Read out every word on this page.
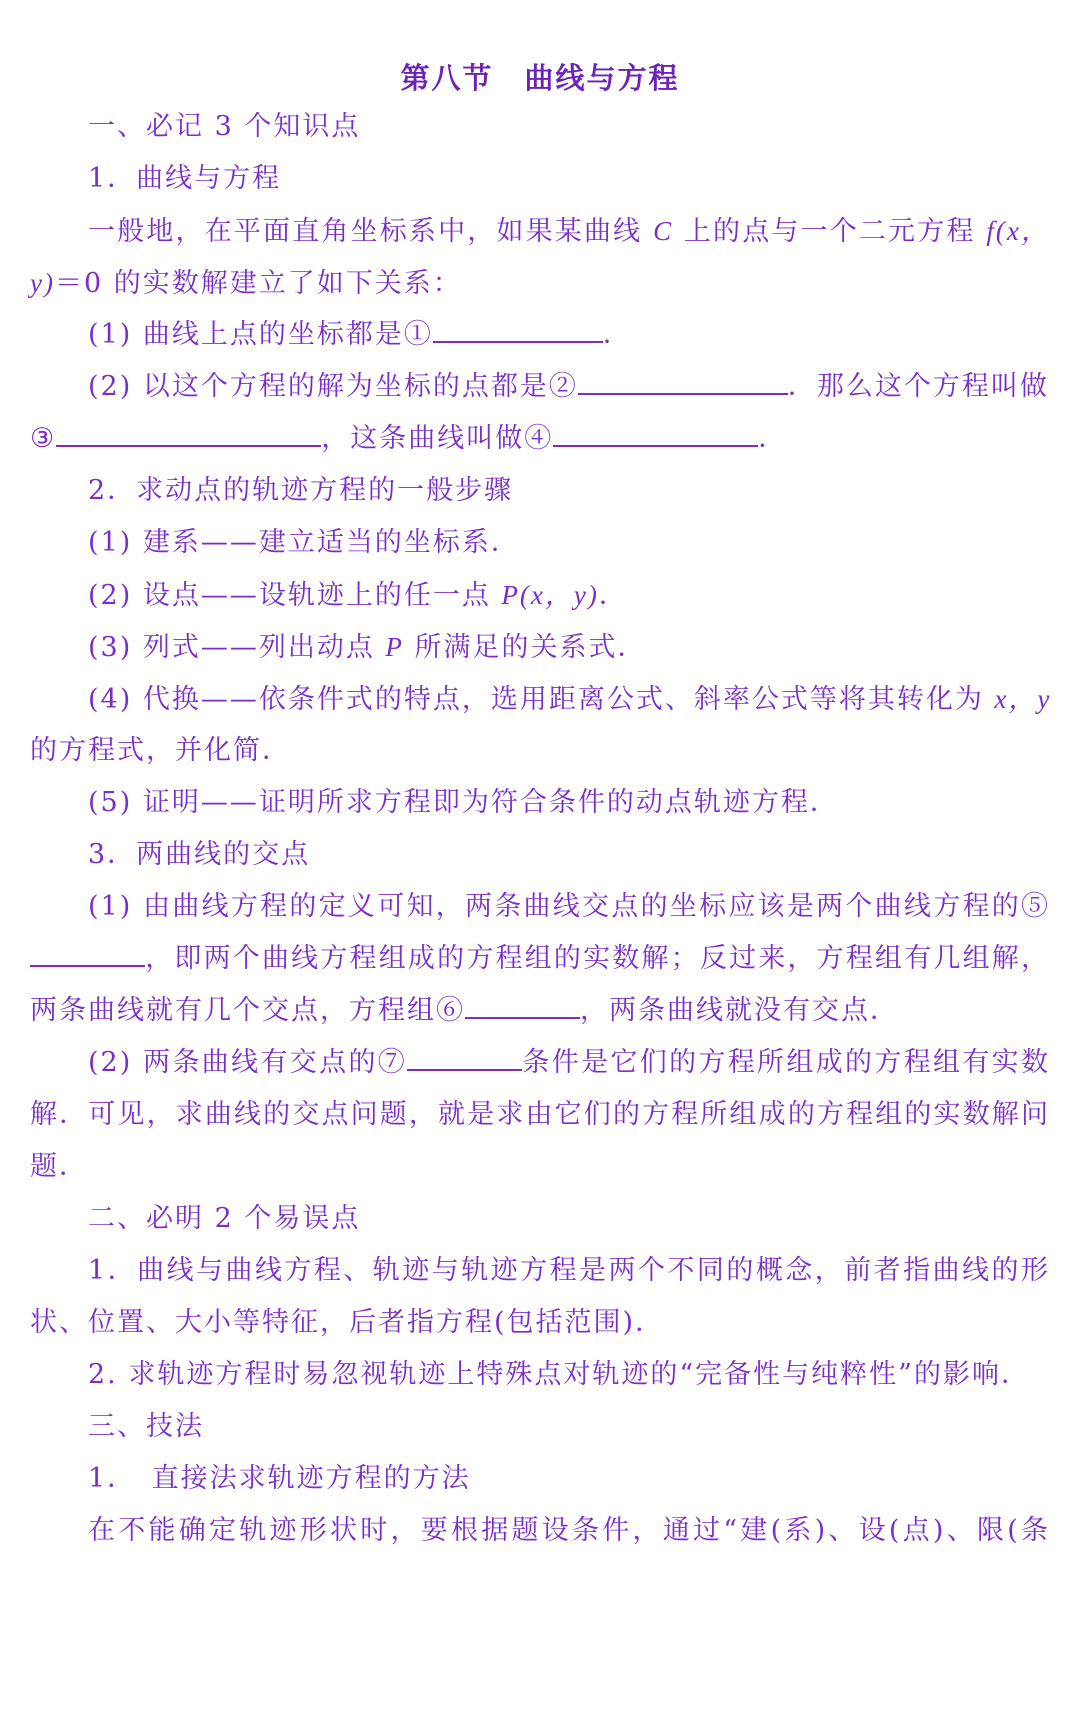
第八节　曲线与方程
一、必记 3 个知识点
1．曲线与方程
一般地，在平面直角坐标系中，如果某曲线 C 上的点与一个二元方程 f(x，
y)＝0 的实数解建立了如下关系：
(1) 曲线上点的坐标都是①	．
(2) 以这个方程的解为坐标的点都是②	．那么这个方程叫做
③	，这条曲线叫做④	．
2．求动点的轨迹方程的一般步骤
(1) 建系——建立适当的坐标系．
(2) 设点——设轨迹上的任一点 P(x，y)．
(3) 列式——列出动点 P 所满足的关系式．
(4) 代换——依条件式的特点，选用距离公式、斜率公式等将其转化为 x，y
的方程式，并化简．
(5) 证明——证明所求方程即为符合条件的动点轨迹方程．
3．两曲线的交点
(1) 由曲线方程的定义可知，两条曲线交点的坐标应该是两个曲线方程的⑤
，即两个曲线方程组成的方程组的实数解；反过来，方程组有几组解，
两条曲线就有几个交点，方程组⑥	，两条曲线就没有交点．
(2) 两条曲线有交点的⑦	条件是它们的方程所组成的方程组有实数
解．可见，求曲线的交点问题，就是求由它们的方程所组成的方程组的实数解问
题．
二、必明 2 个易误点
1．曲线与曲线方程、轨迹与轨迹方程是两个不同的概念，前者指曲线的形
状、位置、大小等特征，后者指方程(包括范围)．
2. 求轨迹方程时易忽视轨迹上特殊点对轨迹的“完备性与纯粹性”的影响．
三、技法
1．　直接法求轨迹方程的方法
在不能确定轨迹形状时，要根据题设条件，通过“建(系)、设(点)、限(条
